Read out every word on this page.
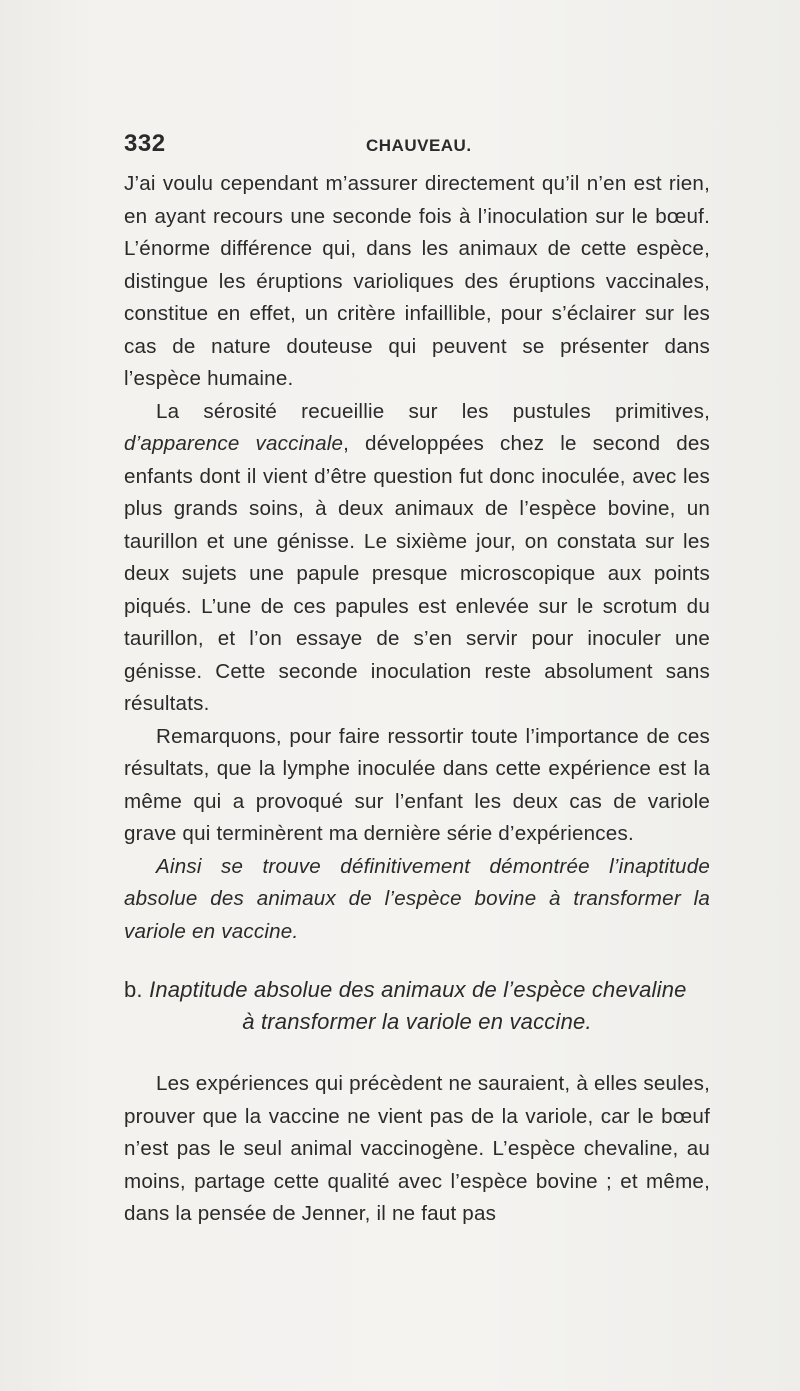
332	CHAUVEAU.

J’ai voulu cependant m’assurer directement qu’il n’en est rien, en ayant recours une seconde fois à l’inoculation sur le bœuf. L’énorme différence qui, dans les animaux de cette espèce, distingue les éruptions varioliques des éruptions vaccinales, constitue en effet, un critère infaillible, pour s’éclairer sur les cas de nature douteuse qui peuvent se présenter dans l’espèce humaine.

La sérosité recueillie sur les pustules primitives, d’apparence vaccinale, développées chez le second des enfants dont il vient d’être question fut donc inoculée, avec les plus grands soins, à deux animaux de l’espèce bovine, un taurillon et une génisse. Le sixième jour, on constata sur les deux sujets une papule presque microscopique aux points piqués. L’une de ces papules est enlevée sur le scrotum du taurillon, et l’on essaye de s’en servir pour inoculer une génisse. Cette seconde inoculation reste absolument sans résultats.

Remarquons, pour faire ressortir toute l’importance de ces résultats, que la lymphe inoculée dans cette expérience est la même qui a provoqué sur l’enfant les deux cas de variole grave qui terminèrent ma dernière série d’expériences.

Ainsi se trouve définitivement démontrée l’inaptitude absolue des animaux de l’espèce bovine à transformer la variole en vaccine.

b. Inaptitude absolue des animaux de l’espèce chevaline
à transformer la variole en vaccine.

Les expériences qui précèdent ne sauraient, à elles seules, prouver que la vaccine ne vient pas de la variole, car le bœuf n’est pas le seul animal vaccinogène. L’espèce chevaline, au moins, partage cette qualité avec l’espèce bovine ; et même, dans la pensée de Jenner, il ne faut pas
